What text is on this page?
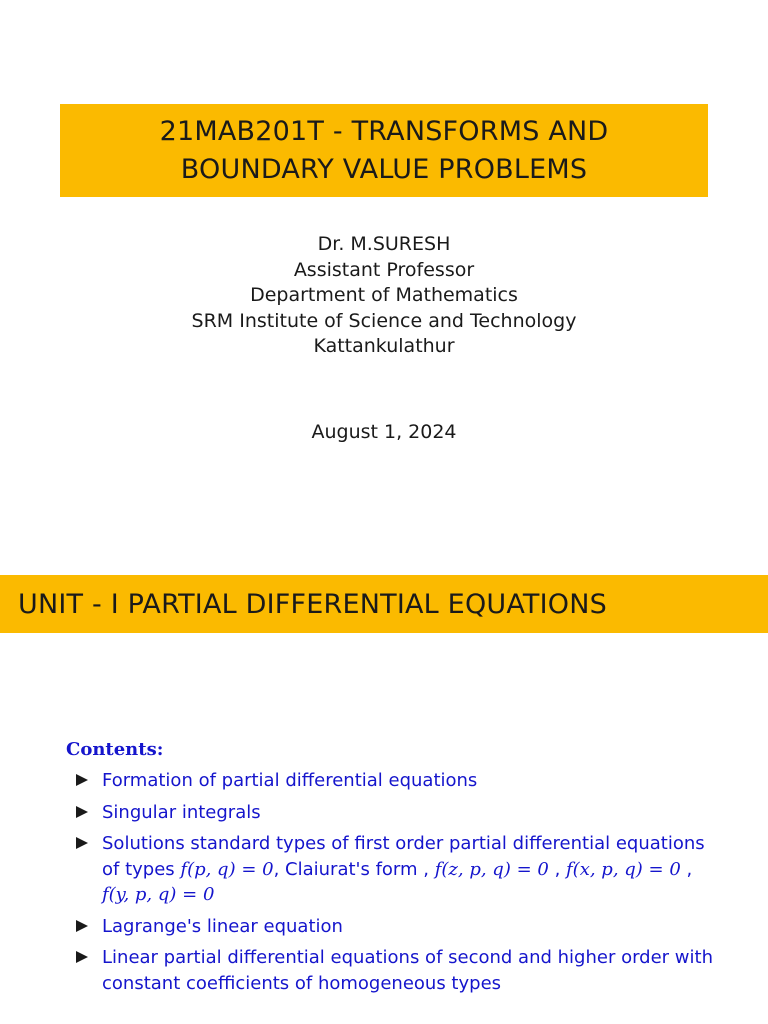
21MAB201T - TRANSFORMS AND
BOUNDARY VALUE PROBLEMS
Dr. M.SURESH
Assistant Professor
Department of Mathematics
SRM Institute of Science and Technology
Kattankulathur
August 1, 2024
UNIT - I PARTIAL DIFFERENTIAL EQUATIONS
Contents:
Formation of partial differential equations
Singular integrals
Solutions standard types of first order partial differential equations of types f(p, q) = 0, Claiurat's form , f(z, p, q) = 0 , f(x, p, q) = 0 , f(y, p, q) = 0
Lagrange's linear equation
Linear partial differential equations of second and higher order with constant coefficients of homogeneous types
